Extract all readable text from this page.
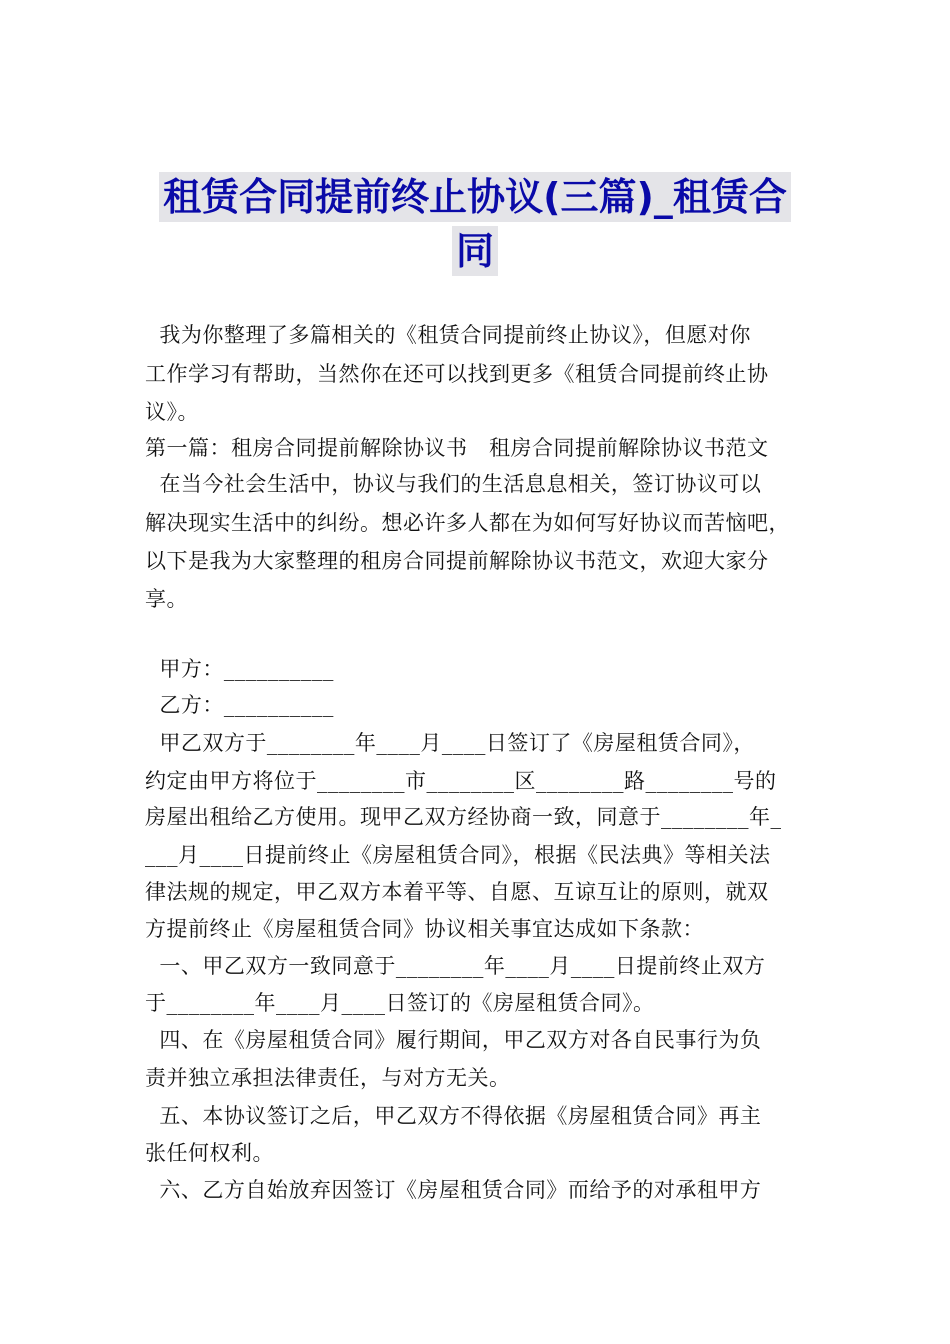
租赁合同提前终止协议(三篇)_租赁合
同
我为你整理了多篇相关的《租赁合同提前终止协议》，但愿对你
工作学习有帮助，当然你在还可以找到更多《租赁合同提前终止协
议》。
第一篇：租房合同提前解除协议书　租房合同提前解除协议书范文
在当今社会生活中，协议与我们的生活息息相关，签订协议可以
解决现实生活中的纠纷。想必许多人都在为如何写好协议而苦恼吧，
以下是我为大家整理的租房合同提前解除协议书范文，欢迎大家分
享。
甲方：__________
乙方：__________
甲乙双方于________年____月____日签订了《房屋租赁合同》，
约定由甲方将位于________市________区________路________号的
房屋出租给乙方使用。现甲乙双方经协商一致，同意于________年_
___月____日提前终止《房屋租赁合同》，根据《民法典》等相关法
律法规的规定，甲乙双方本着平等、自愿、互谅互让的原则，就双
方提前终止《房屋租赁合同》协议相关事宜达成如下条款：
一、甲乙双方一致同意于________年____月____日提前终止双方
于________年____月____日签订的《房屋租赁合同》。
四、在《房屋租赁合同》履行期间，甲乙双方对各自民事行为负
责并独立承担法律责任，与对方无关。
五、本协议签订之后，甲乙双方不得依据《房屋租赁合同》再主
张任何权利。
六、乙方自始放弃因签订《房屋租赁合同》而给予的对承租甲方
